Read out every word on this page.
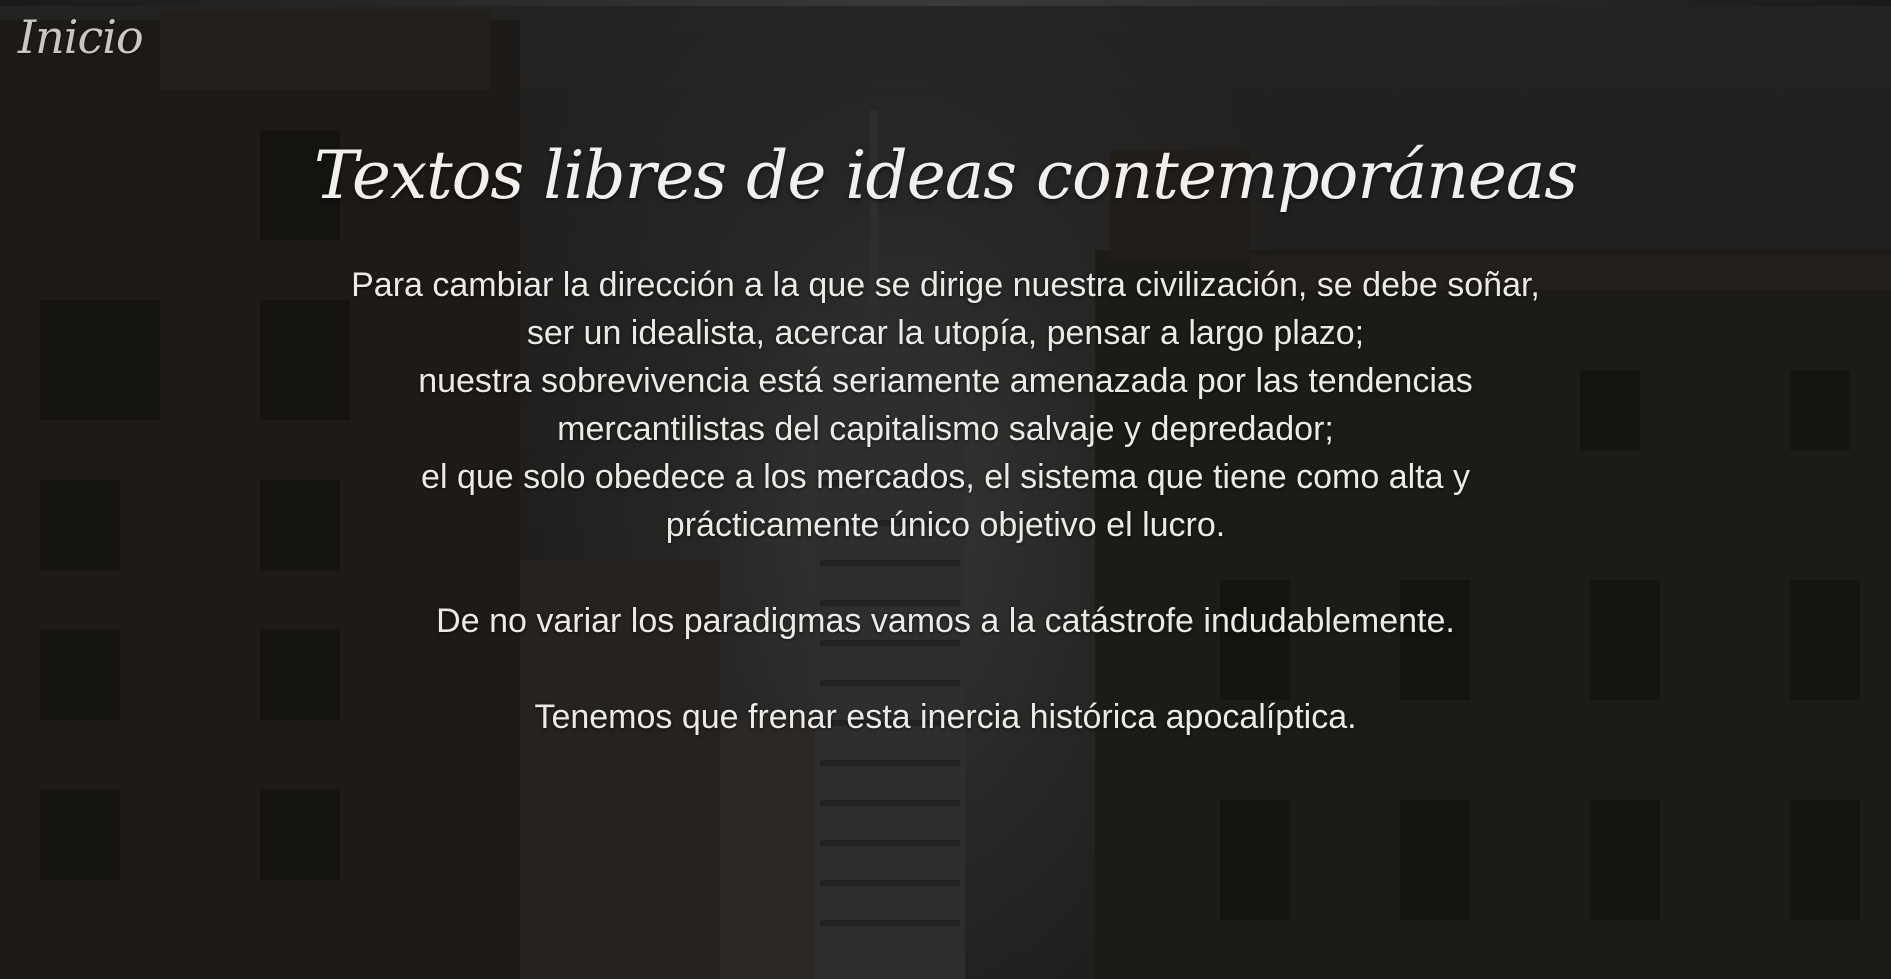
Inicio
Textos libres de ideas contemporáneas

Para cambiar la dirección a la que se dirige nuestra civilización, se debe soñar,
ser un idealista, acercar la utopía, pensar a largo plazo;
nuestra sobrevivencia está seriamente amenazada por las tendencias
mercantilistas del capitalismo salvaje y depredador;
el que solo obedece a los mercados, el sistema que tiene como alta y
prácticamente único objetivo el lucro.

De no variar los paradigmas vamos a la catástrofe indudablemente.

Tenemos que frenar esta inercia histórica apocalíptica.
